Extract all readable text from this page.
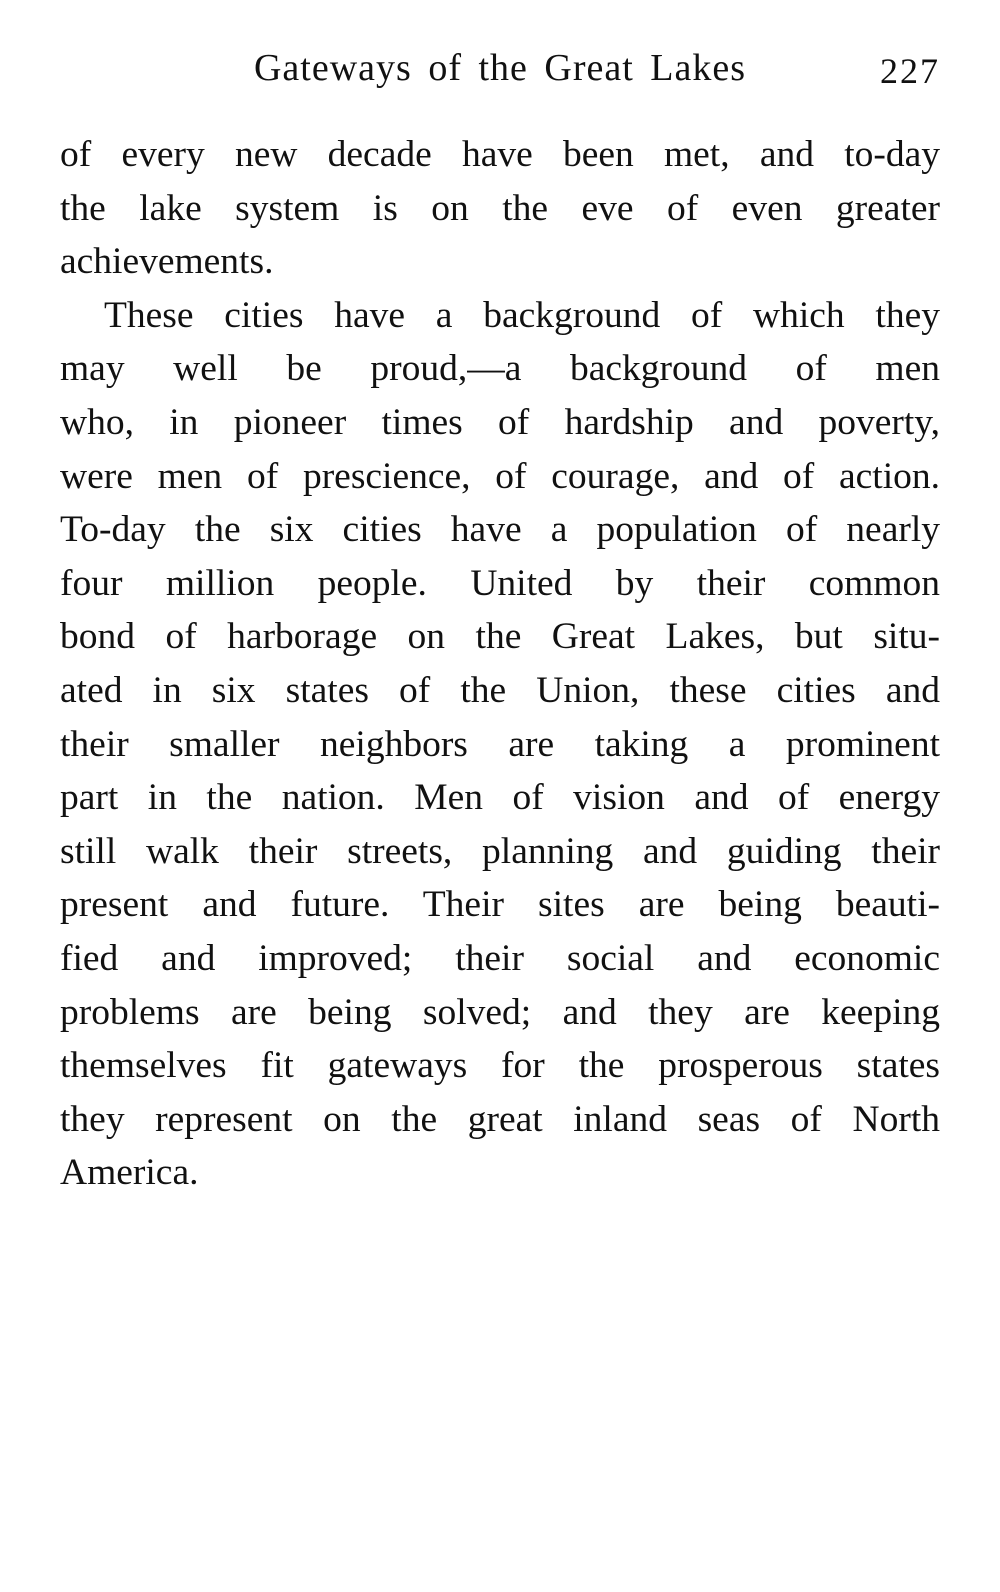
Gateways of the Great Lakes	227
of every new decade have been met, and to-day
the lake system is on the eve of even greater
achievements.
These cities have a background of which they
may well be proud,—a background of men
who, in pioneer times of hardship and poverty,
were men of prescience, of courage, and of action.
To-day the six cities have a population of nearly
four million people. United by their common
bond of harborage on the Great Lakes, but situ-
ated in six states of the Union, these cities and
their smaller neighbors are taking a prominent
part in the nation. Men of vision and of energy
still walk their streets, planning and guiding their
present and future. Their sites are being beauti-
fied and improved; their social and economic
problems are being solved; and they are keeping
themselves fit gateways for the prosperous states
they represent on the great inland seas of North
America.
